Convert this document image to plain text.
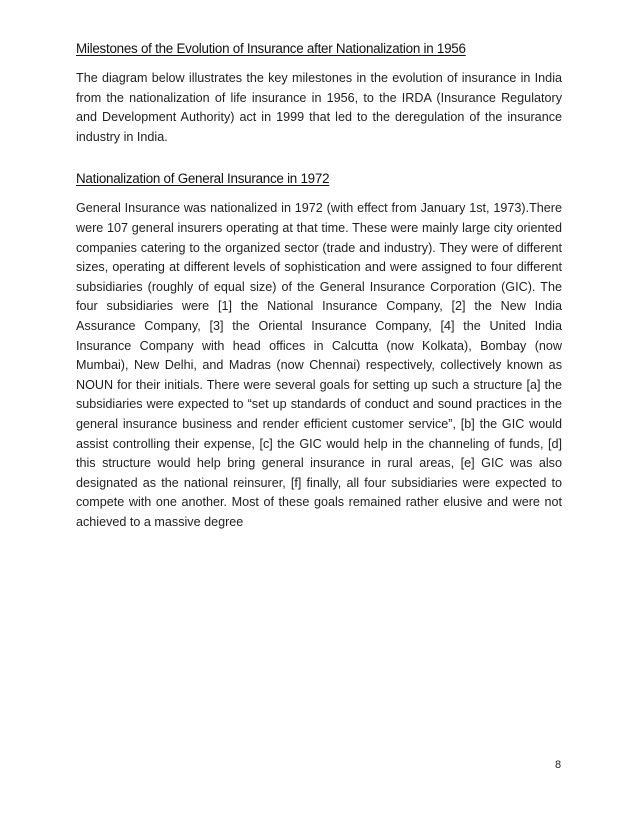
Milestones of the Evolution of Insurance after Nationalization in 1956

The diagram below illustrates the key milestones in the evolution of insurance in India from the nationalization of life insurance in 1956, to the IRDA (Insurance Regulatory and Development Authority) act in 1999 that led to the deregulation of the insurance industry in India.

Nationalization of General Insurance in 1972

General Insurance was nationalized in 1972 (with effect from January 1st, 1973).There were 107 general insurers operating at that time. These were mainly large city oriented companies catering to the organized sector (trade and industry). They were of different sizes, operating at different levels of sophistication and were assigned to four different subsidiaries (roughly of equal size) of the General Insurance Corporation (GIC). The four subsidiaries were [1] the National Insurance Company, [2] the New India Assurance Company, [3] the Oriental Insurance Company, [4] the United India Insurance Company with head offices in Calcutta (now Kolkata), Bombay (now Mumbai), New Delhi, and Madras (now Chennai) respectively, collectively known as NOUN for their initials. There were several goals for setting up such a structure [a] the subsidiaries were expected to “set up standards of conduct and sound practices in the general insurance business and render efficient customer service”, [b] the GIC would assist controlling their expense, [c] the GIC would help in the channeling of funds, [d] this structure would help bring general insurance in rural areas, [e] GIC was also designated as the national reinsurer, [f] finally, all four subsidiaries were expected to compete with one another. Most of these goals remained rather elusive and were not achieved to a massive degree

8
